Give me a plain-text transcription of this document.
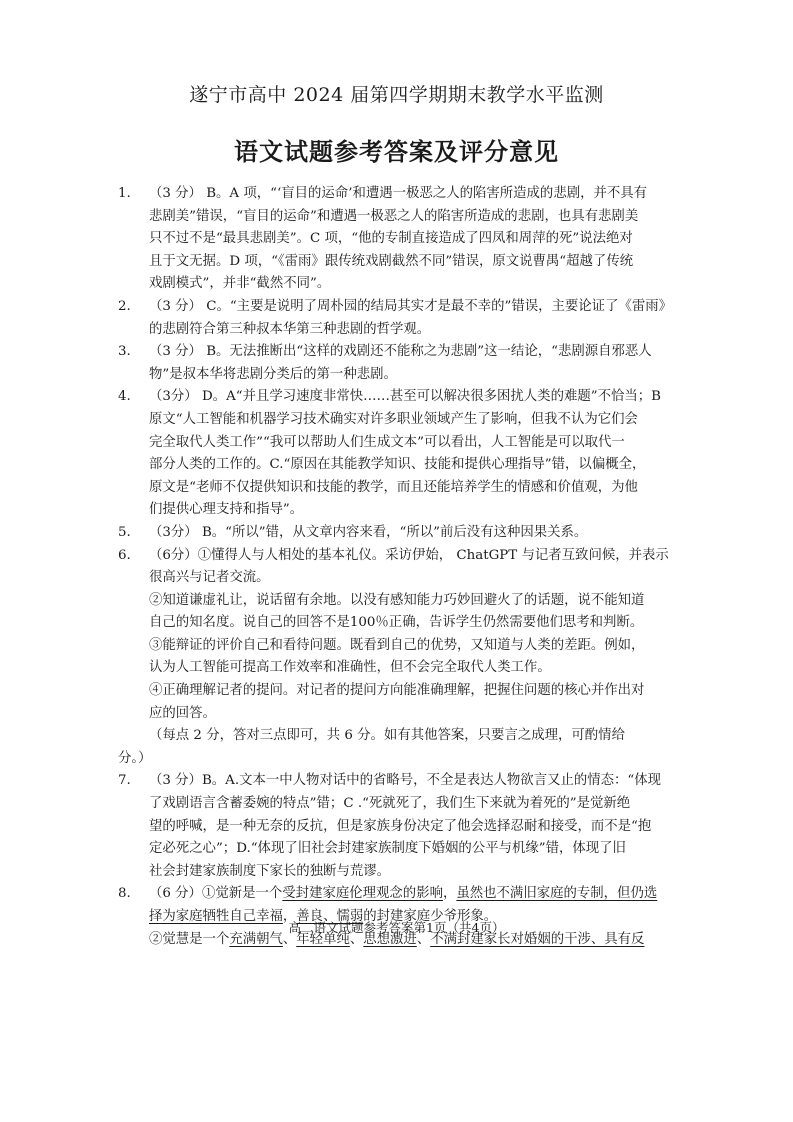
遂宁市高中 2024 届第四学期期末教学水平监测
语文试题参考答案及评分意见
1. （3 分） B。A 项，“‘盲目的运命’和遭遇一极恶之人的陷害所造成的悲剧，并不具有
悲剧美”错误，“盲目的运命”和遭遇一极恶之人的陷害所造成的悲剧，也具有悲剧美
只不过不是“最具悲剧美”。C 项，“他的专制直接造成了四凤和周萍的死”说法绝对
且于文无据。D 项，“《雷雨》跟传统戏剧截然不同”错误，原文说曹禺“超越了传统
戏剧模式”，并非“截然不同”。
2. （3 分） C。“主要是说明了周朴园的结局其实才是最不幸的”错误，主要论证了《雷雨》
的悲剧符合第三种叔本华第三种悲剧的哲学观。
3. （3 分） B。无法推断出“这样的戏剧还不能称之为悲剧”这一结论，“悲剧源自邪恶人
物”是叔本华将悲剧分类后的第一种悲剧。
4. （3分） D。A“并且学习速度非常快……甚至可以解决很多困扰人类的难题”不恰当；B
原文“人工智能和机器学习技术确实对许多职业领域产生了影响，但我不认为它们会
完全取代人类工作”“我可以帮助人们生成文本”可以看出，人工智能是可以取代一
部分人类的工作的。C.“原因在其能教学知识、技能和提供心理指导”错，以偏概全，
原文是“老师不仅提供知识和技能的教学，而且还能培养学生的情感和价值观，为他
们提供心理支持和指导”。
5. （3分） B。“所以”错，从文章内容来看，“所以”前后没有这种因果关系。
6. （6分）①懂得人与人相处的基本礼仪。采访伊始， ChatGPT 与记者互致问候，并表示
很高兴与记者交流。
②知道谦虚礼让，说话留有余地。以没有感知能力巧妙回避火了的话题，说不能知道
自己的知名度。说自己的回答不是100％正确，告诉学生仍然需要他们思考和判断。
③能辩证的评价自己和看待问题。既看到自己的优势，又知道与人类的差距。例如，
认为人工智能可提高工作效率和准确性，但不会完全取代人类工作。
④正确理解记者的提问。对记者的提问方向能准确理解，把握住问题的核心并作出对
应的回答。
（每点 2 分，答对三点即可，共 6 分。如有其他答案，只要言之成理，可酌情给
分。）
7. （3 分）B。A.文本一中人物对话中的省略号，不全是表达人物欲言又止的情态：“体现
了戏剧语言含蓄委婉的特点”错；C .“死就死了，我们生下来就为着死的”是觉新绝
望的呼喊，是一种无奈的反抗，但是家族身份决定了他会选择忍耐和接受，而不是“抱
定必死之心”；D.“体现了旧社会封建家族制度下婚姻的公平与机缘”错，体现了旧
社会封建家族制度下家长的独断与荒谬。
8. （6 分）①觉新是一个受封建家庭伦理观念的影响，虽然也不满旧家庭的专制，但仍选
择为家庭牺牲自己幸福，善良、懦弱的封建家庭少爷形象。
②觉慧是一个充满朝气、年轻单纯、思想激进、不满封建家长对婚姻的干涉、具有反
高二语文试题参考答案第1页（共4页）
